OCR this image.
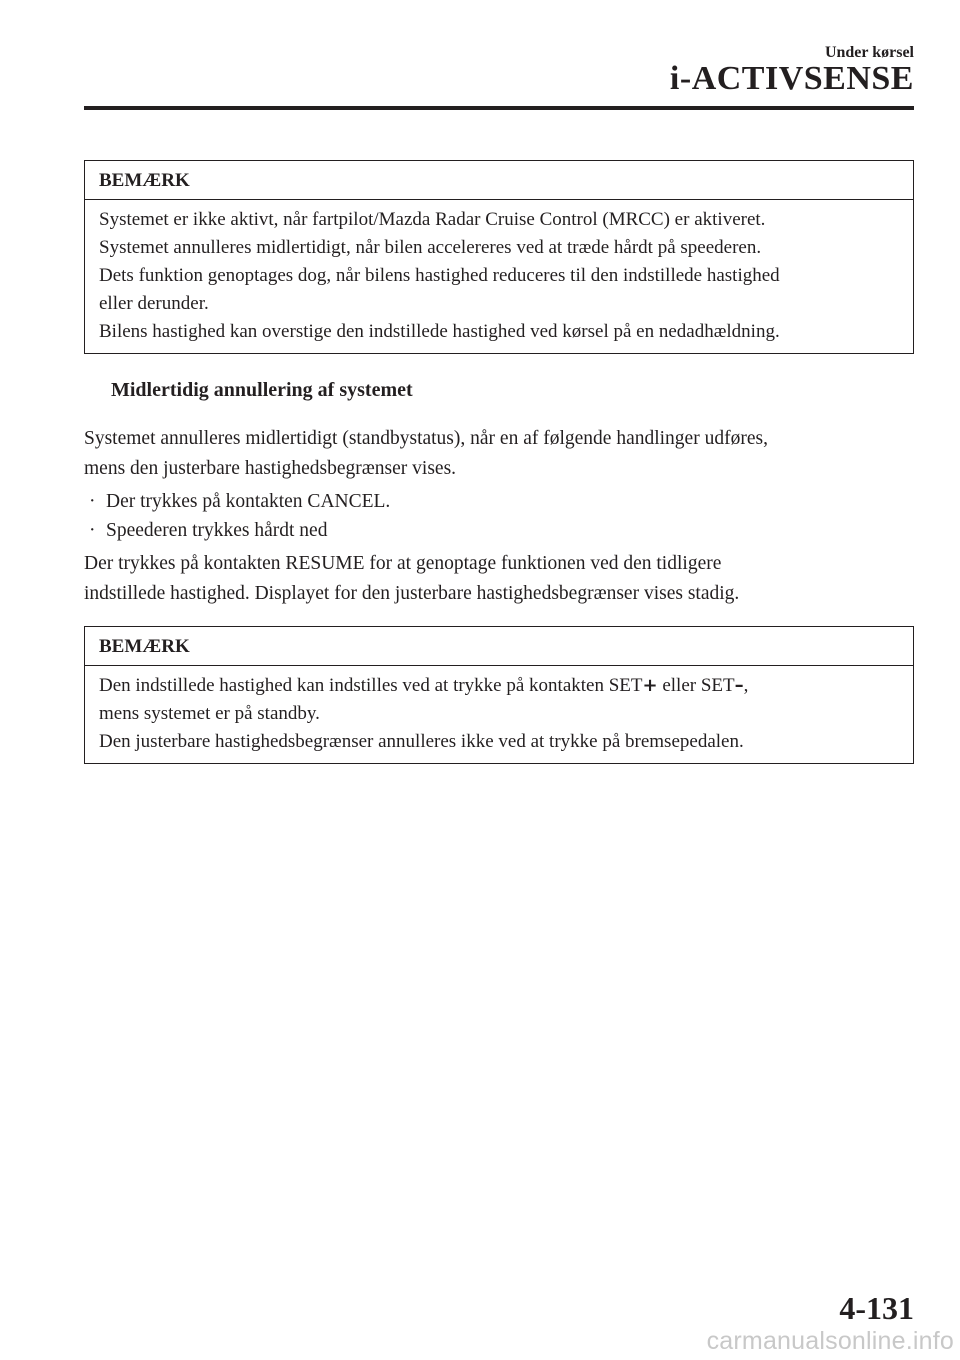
Under kørsel
i-ACTIVSENSE
BEMÆRK
Systemet er ikke aktivt, når fartpilot/Mazda Radar Cruise Control (MRCC) er aktiveret.
Systemet annulleres midlertidigt, når bilen accelereres ved at træde hårdt på speederen.
Dets funktion genoptages dog, når bilens hastighed reduceres til den indstillede hastighed
eller derunder.
Bilens hastighed kan overstige den indstillede hastighed ved kørsel på en nedadhældning.
Midlertidig annullering af systemet
Systemet annulleres midlertidigt (standbystatus), når en af følgende handlinger udføres,
mens den justerbare hastighedsbegrænser vises.
· Der trykkes på kontakten CANCEL.
· Speederen trykkes hårdt ned
Der trykkes på kontakten RESUME for at genoptage funktionen ved den tidligere
indstillede hastighed. Displayet for den justerbare hastighedsbegrænser vises stadig.
BEMÆRK
Den indstillede hastighed kan indstilles ved at trykke på kontakten SET+ eller SET–,
mens systemet er på standby.
Den justerbare hastighedsbegrænser annulleres ikke ved at trykke på bremsepedalen.
4-131
carmanualsonline.info
